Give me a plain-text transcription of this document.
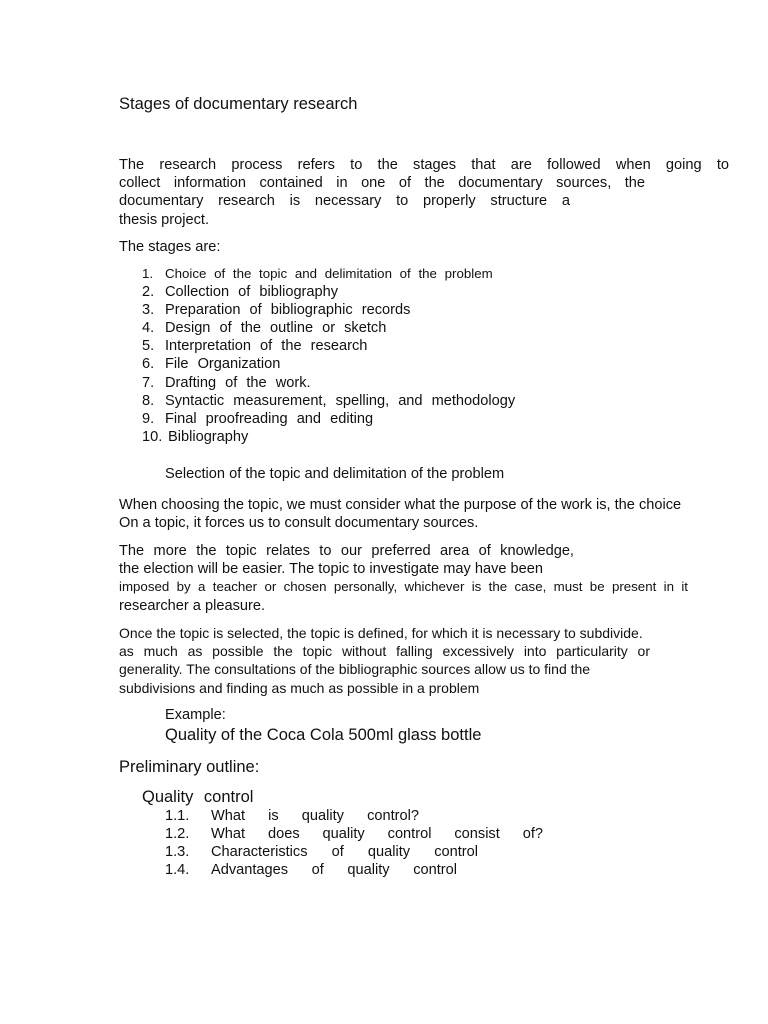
Stages of documentary research

The research process refers to the stages that are followed when going to
collect information contained in one of the documentary sources, the
documentary research is necessary to properly structure a
thesis project.

The stages are:

1. Choice of the topic and delimitation of the problem
2. Collection of bibliography
3. Preparation of bibliographic records
4. Design of the outline or sketch
5. Interpretation of the research
6. File Organization
7. Drafting of the work.
8. Syntactic measurement, spelling, and methodology
9. Final proofreading and editing
10. Bibliography
Selection of the topic and delimitation of the problem

When choosing the topic, we must consider what the purpose of the work is, the choice
On a topic, it forces us to consult documentary sources.

The more the topic relates to our preferred area of knowledge,
the election will be easier. The topic to investigate may have been
imposed by a teacher or chosen personally, whichever is the case, must be present in it
researcher a pleasure.

Once the topic is selected, the topic is defined, for which it is necessary to subdivide.
as much as possible the topic without falling excessively into particularity or
generality. The consultations of the bibliographic sources allow us to find the
subdivisions and finding as much as possible in a problem

Example:

Quality of the Coca Cola 500ml glass bottle
Preliminary outline:
Quality control
1.1. What is quality control?
1.2. What does quality control consist of?
1.3. Characteristics of quality control
1.4. Advantages of quality control
